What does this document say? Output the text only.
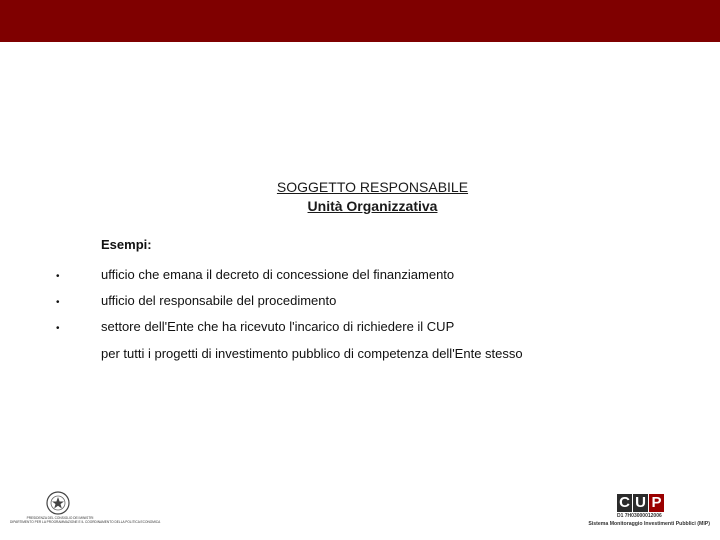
SOGGETTO RESPONSABILE
Unità Organizzativa
Esempi:
•	ufficio che emana il decreto di concessione del finanziamento
•	ufficio del responsabile del procedimento
•	settore dell'Ente che ha ricevuto l'incarico di richiedere il CUP
per tutti i progetti di investimento pubblico di competenza dell'Ente stesso
PRESIDENZA DEL CONSIGLIO DEI MINISTRI
DIPARTIMENTO PER LA PROGRAMMAZIONE E IL COORDINAMENTO DELLA POLITICA ECONOMICA
C U P
D1 7H03000012006
Sistema Monitoraggio Investimenti Pubblici (MIP)
